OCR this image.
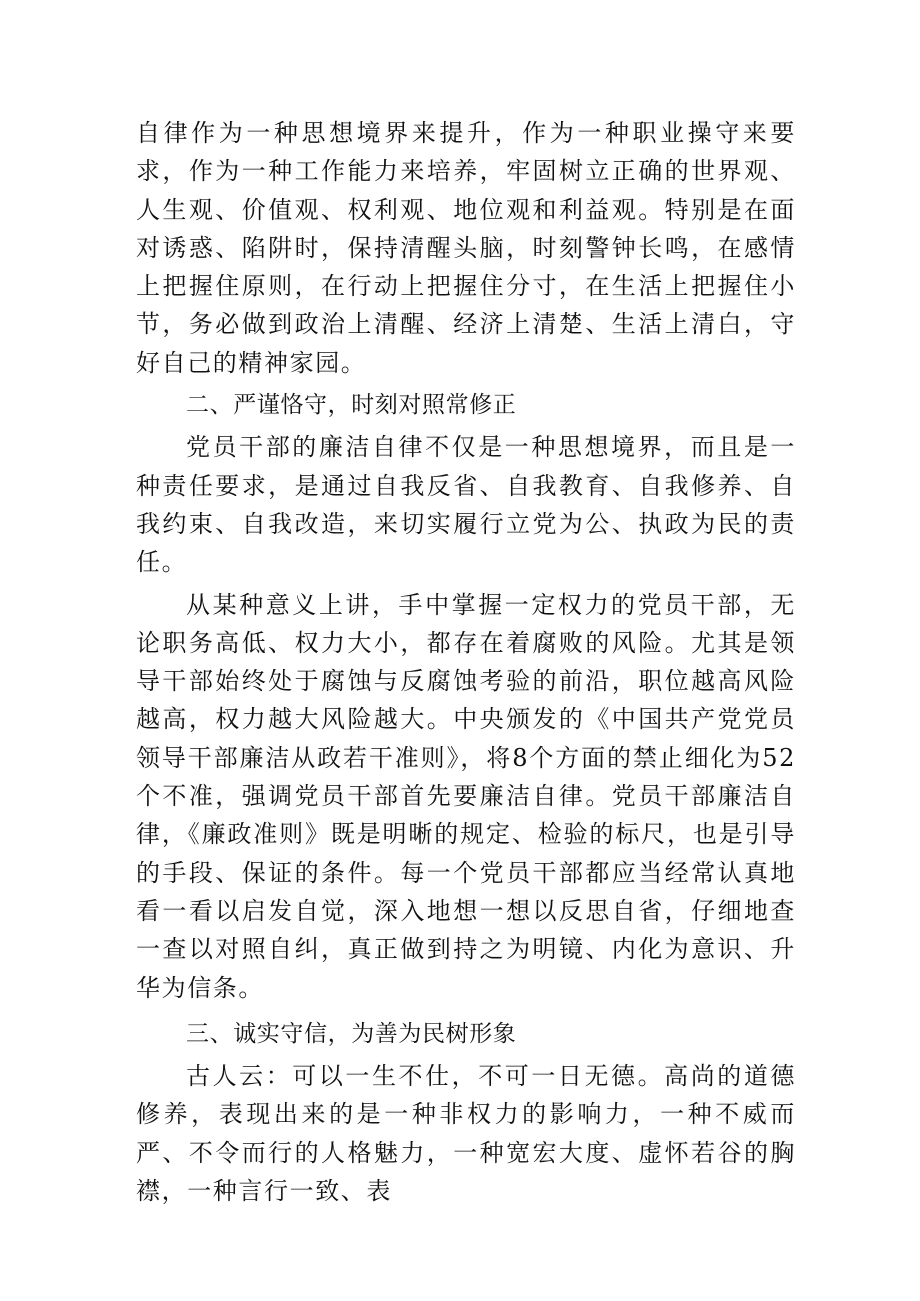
自律作为一种思想境界来提升，作为一种职业操守来要求，作为一种工作能力来培养，牢固树立正确的世界观、人生观、价值观、权利观、地位观和利益观。特别是在面对诱惑、陷阱时，保持清醒头脑，时刻警钟长鸣，在感情上把握住原则，在行动上把握住分寸，在生活上把握住小节，务必做到政治上清醒、经济上清楚、生活上清白，守好自己的精神家园。

二、严谨恪守，时刻对照常修正

党员干部的廉洁自律不仅是一种思想境界，而且是一种责任要求，是通过自我反省、自我教育、自我修养、自我约束、自我改造，来切实履行立党为公、执政为民的责任。

从某种意义上讲，手中掌握一定权力的党员干部，无论职务高低、权力大小，都存在着腐败的风险。尤其是领导干部始终处于腐蚀与反腐蚀考验的前沿，职位越高风险越高，权力越大风险越大。中央颁发的《中国共产党党员领导干部廉洁从政若干准则》，将8个方面的禁止细化为52个不准，强调党员干部首先要廉洁自律。党员干部廉洁自律，《廉政准则》既是明晰的规定、检验的标尺，也是引导的手段、保证的条件。每一个党员干部都应当经常认真地看一看以启发自觉，深入地想一想以反思自省，仔细地查一查以对照自纠，真正做到持之为明镜、内化为意识、升华为信条。

三、诚实守信，为善为民树形象

古人云：可以一生不仕，不可一日无德。高尚的道德修养，表现出来的是一种非权力的影响力，一种不威而严、不令而行的人格魅力，一种宽宏大度、虚怀若谷的胸襟，一种言行一致、表
